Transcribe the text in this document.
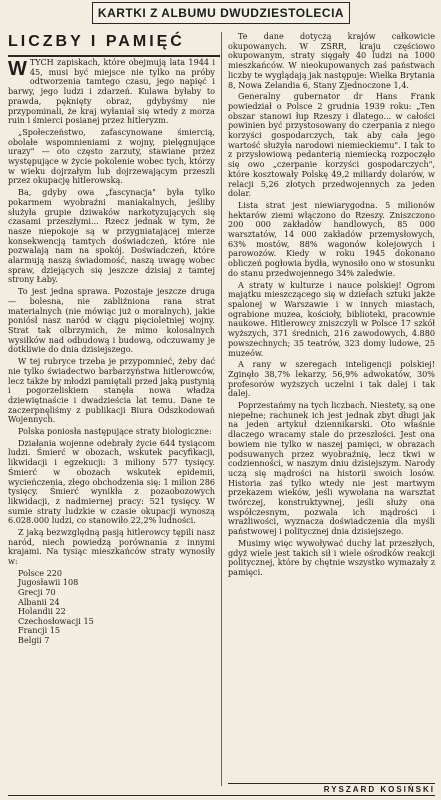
KARTKI Z ALBUMU DWUDZIESTOLECIA
LICZBY I PAMIĘĆ

WTYCH zapiskach, które obejmują lata 1944 i 45, musi być miejsce nie tylko na próby odtworzenia tamtego czasu, jego napięć i barwy, jego ludzi i zdarzeń. Kulawa byłaby to prawda, pęknięty obraz, gdybyśmy nie przypominali, że kraj wyłaniał się wtedy z morza ruin i śmierci posianej przez hitleryzm.

„Społeczeństwo, zafascynowane śmiercią, obolałe wspomnieniami z wojny, pielęgnujące urazy" — oto często zarzuty, stawiane przez występujące w życie pokolenie wobec tych, którzy w wieku dojrzałym lub dojrzewającym przeszli przez okupację hitlerowską.

Ba, gdyby owa „fascynacja" była tylko pokarmem wyobraźni maniakalnych, jeśliby służyła grupie dziwaków narkotyzujących się czasami przeszłymi... Rzecz jednak w tym, że nasze niepokoje są w przygniatającej mierze konsekwencją tamtych doświadczeń, które nie pozwalają nam na spokój. Doświadczeń, które alarmują naszą świadomość, naszą uwagę wobec spraw, dziejących się jeszcze dzisiaj z tamtej strony Łaby.

To jest jedna sprawa. Pozostaje jeszcze druga — bolesna, nie zabliźniona rana strat materialnych (nie mówiąc już o moralnych), jakie poniósł nasz naród w ciągu pięcioletniej wojny. Strat tak olbrzymich, że mimo kolosalnych wysiłków nad odbudową i budową, odczuwamy je dotkliwie do dnia dzisiejszego.

W tej rubryce trzeba je przypomnieć, żeby dać nie tylko świadectwo barbarzyństwa hitlerowców, lecz także by młodzi pamiętali przed jaką pustynią i pogorzeliskiem stanęła nowa władza dziewiętnaście i dwadzieścia lat temu. Dane te zaczerpnęliśmy z publikacji Biura Odszkodowań Wojennych.

Polska poniosła następujące straty biologiczne:

Działania wojenne odebrały życie 644 tysiącom ludzi. Śmierć w obozach, wskutek pacyfikacji, likwidacji i egzekucji: 3 miliony 577 tysięcy. Śmierć w obozach wskutek epidemii, wycieńczenia, złego obchodzenia się: 1 milion 286 tysięcy. Śmierć wynikła z pozaobozowych likwidacji, z nadmiernej pracy: 521 tysięcy. W sumie straty ludzkie w czasie okupacji wynoszą 6.028.000 ludzi, co stanowiło 22,2% ludności.

Z jaką bezwzględną pasją hitlerowcy tępili nasz naród, niech powiedzą porównania z innymi krajami. Na tysiąc mieszkańców straty wynosiły w:

Polsce 220
Jugosławii 108
Grecji 70
Albanii 24
Holandii 22
Czechosłowacji 15
Francji 15
Belgii 7

Te dane dotyczą krajów całkowicie okupowanych. W ZSRR, kraju częściowo okupowanym, straty sięgały 40 ludzi na 1000 mieszkańców. W nieokupowanych zaś państwach liczby te wyglądają jak następuje: Wielka Brytania 8, Nowa Zelandia 6, Stany Zjednoczone 1,4.

Generalny gubernator dr Hans Frank powiedział o Polsce 2 grudnia 1939 roku: „Ten obszar stanowi łup Rzeszy i dlatego... w całości powinien być przystosowany do czerpania z niego korzyści gospodarczych, tak aby cała jego wartość służyła narodowi niemieckiemu". I tak to z przysłowiową pedanterią niemiecką rozpoczęło się owo „czerpanie korzyści gospodarczych", które kosztowały Polskę 49,2 miliardy dolarów, w relacji 5,26 złotych przedwojennych za jeden dolar.

Lista strat jest niewiarygodna. 5 milionów hektarów ziemi włączono do Rzeszy. Zniszczono 200 000 zakładów handlowych, 85 000 warsztatów, 14 000 zakładów przemysłowych, 63% mostów, 88% wagonów kolejowych i parowozów. Kiedy w roku 1945 dokonano obliczeń pogłowia bydła, wynosiło ono w stosunku do stanu przedwojennego 34% zaledwie.

A straty w kulturze i nauce polskiej! Ogrom majątku mieszczącego się w dziełach sztuki jakże spalonej w Warszawie i w innych miastach, ograbione muzea, kościoły, biblioteki, pracownie naukowe. Hitlerowcy zniszczyli w Polsce 17 szkół wyższych, 371 średnich, 216 zawodowych, 4.880 powszechnych; 35 teatrów, 323 domy ludowe, 25 muzeów.

A rany w szeregach inteligencji polskiej! Zginęło 38,7% lekarzy, 56,9% adwokatów, 30% profesorów wyższych uczelni i tak dalej i tak dalej.

Poprzestańmy na tych liczbach. Niestety, są one niepełne; rachunek ich jest jednak zbyt długi jak na jeden artykuł dziennikarski. Oto właśnie dlaczego wracamy stale do przeszłości. Jest ona bowiem nie tylko w naszej pamięci, w obrazach podsuwanych przez wyobraźnię, lecz tkwi w codzienności, w naszym dniu dzisiejszym. Narody uczą się mądrości na historii swoich losów. Historia zaś tylko wtedy nie jest martwym przekazem wieków, jeśli wywołana na warsztat twórczej, konstruktywnej, jeśli służy ona współczesnym, pozwala ich mądrości i wrażliwości, wyznacza doświadczenia dla myśli państwowej i politycznej dnia dzisiejszego.

Musimy więc wywoływać duchy lat przeszłych, gdyż wiele jest takich sił i wiele ośrodków reakcji politycznej, które by chętnie wszystko wymazały z pamięci.

RYSZARD KOSIŃSKI
